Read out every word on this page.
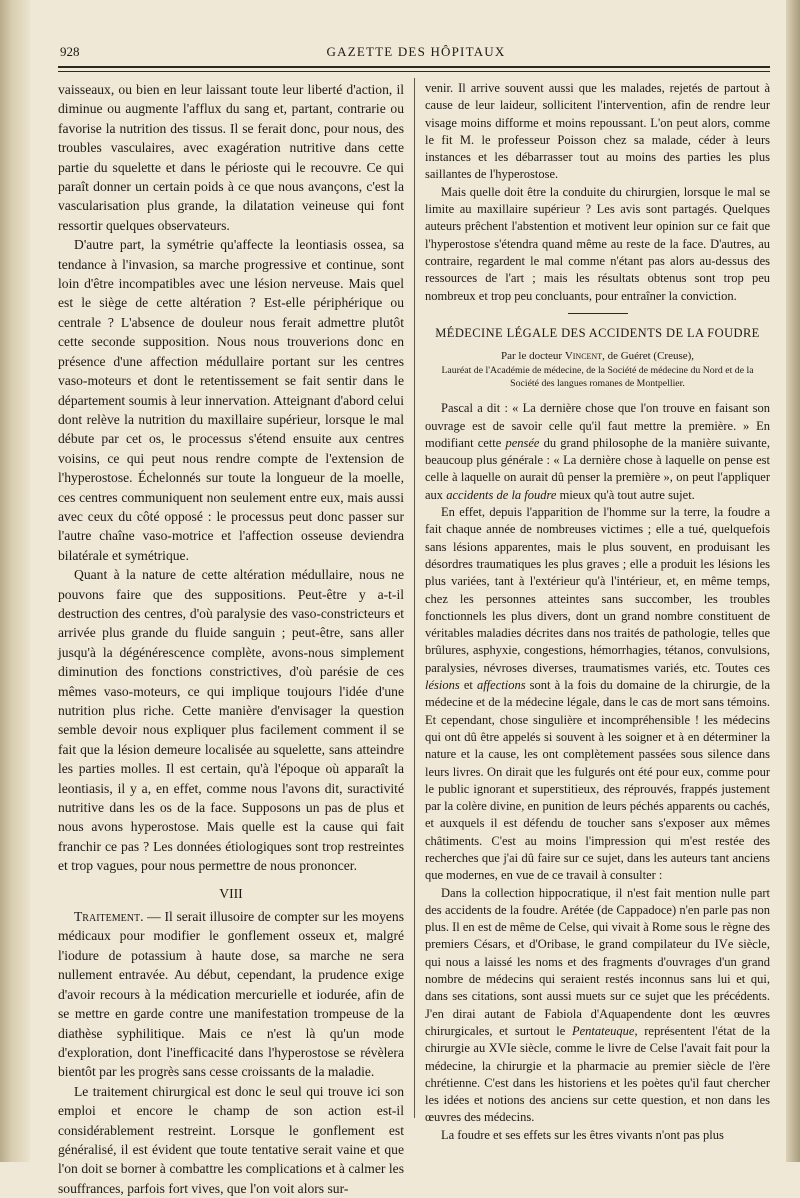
928	GAZETTE DES HÔPITAUX

vaisseaux, ou bien en leur laissant toute leur liberté d'action, il diminue ou augmente l'afflux du sang et, partant, contrarie ou favorise la nutrition des tissus. Il se ferait donc, pour nous, des troubles vasculaires, avec exagération nutritive dans cette partie du squelette et dans le périoste qui le recouvre. Ce qui paraît donner un certain poids à ce que nous avançons, c'est la vascularisation plus grande, la dilatation veineuse qui font ressortir quelques observateurs.

D'autre part, la symétrie qu'affecte la leontiasis ossea, sa tendance à l'invasion, sa marche progressive et continue, sont loin d'être incompatibles avec une lésion nerveuse. Mais quel est le siège de cette altération ? Est-elle périphérique ou centrale ? L'absence de douleur nous ferait admettre plutôt cette seconde supposition. Nous nous trouverions donc en présence d'une affection médullaire portant sur les centres vaso-moteurs et dont le retentissement se fait sentir dans le département soumis à leur innervation. Atteignant d'abord celui dont relève la nutrition du maxillaire supérieur, lorsque le mal débute par cet os, le processus s'étend ensuite aux centres voisins, ce qui peut nous rendre compte de l'extension de l'hyperostose. Échelonnés sur toute la longueur de la moelle, ces centres communiquent non seulement entre eux, mais aussi avec ceux du côté opposé : le processus peut donc passer sur l'autre chaîne vaso-motrice et l'affection osseuse deviendra bilatérale et symétrique.

Quant à la nature de cette altération médullaire, nous ne pouvons faire que des suppositions. Peut-être y a-t-il destruction des centres, d'où paralysie des vaso-constricteurs et arrivée plus grande du fluide sanguin ; peut-être, sans aller jusqu'à la dégénérescence complète, avons-nous simplement diminution des fonctions constrictives, d'où parésie de ces mêmes vaso-moteurs, ce qui implique toujours l'idée d'une nutrition plus riche. Cette manière d'envisager la question semble devoir nous expliquer plus facilement comment il se fait que la lésion demeure localisée au squelette, sans atteindre les parties molles. Il est certain, qu'à l'époque où apparaît la leontiasis, il y a, en effet, comme nous l'avons dit, suractivité nutritive dans les os de la face. Supposons un pas de plus et nous avons hyperostose. Mais quelle est la cause qui fait franchir ce pas ? Les données étiologiques sont trop restreintes et trop vagues, pour nous permettre de nous prononcer.

VIII

Traitement. — Il serait illusoire de compter sur les moyens médicaux pour modifier le gonflement osseux et, malgré l'iodure de potassium à haute dose, sa marche ne sera nullement entravée. Au début, cependant, la prudence exige d'avoir recours à la médication mercurielle et iodurée, afin de se mettre en garde contre une manifestation trompeuse de la diathèse syphilitique. Mais ce n'est là qu'un mode d'exploration, dont l'inefficacité dans l'hyperostose se révèlera bientôt par les progrès sans cesse croissants de la maladie.

Le traitement chirurgical est donc le seul qui trouve ici son emploi et encore le champ de son action est-il considérablement restreint. Lorsque le gonflement est généralisé, il est évident que toute tentative serait vaine et que l'on doit se borner à combattre les complications et à calmer les souffrances, parfois fort vives, que l'on voit alors sur-

venir. Il arrive souvent aussi que les malades, rejetés de partout à cause de leur laideur, sollicitent l'intervention, afin de rendre leur visage moins difforme et moins repoussant. L'on peut alors, comme le fit M. le professeur Poisson chez sa malade, céder à leurs instances et les débarrasser tout au moins des parties les plus saillantes de l'hyperostose.

Mais quelle doit être la conduite du chirurgien, lorsque le mal se limite au maxillaire supérieur ? Les avis sont partagés. Quelques auteurs prêchent l'abstention et motivent leur opinion sur ce fait que l'hyperostose s'étendra quand même au reste de la face. D'autres, au contraire, regardent le mal comme n'étant pas alors au-dessus des ressources de l'art ; mais les résultats obtenus sont trop peu nombreux et trop peu concluants, pour entraîner la conviction.

MÉDECINE LÉGALE DES ACCIDENTS DE LA FOUDRE
Par le docteur Vincent, de Guéret (Creuse),
Lauréat de l'Académie de médecine, de la Société de médecine du Nord et de la Société des langues romanes de Montpellier.

Pascal a dit : « La dernière chose que l'on trouve en faisant son ouvrage est de savoir celle qu'il faut mettre la première. » En modifiant cette pensée du grand philosophe de la manière suivante, beaucoup plus générale : « La dernière chose à laquelle on pense est celle à laquelle on aurait dû penser la première », on peut l'appliquer aux accidents de la foudre mieux qu'à tout autre sujet.

En effet, depuis l'apparition de l'homme sur la terre, la foudre a fait chaque année de nombreuses victimes ; elle a tué, quelquefois sans lésions apparentes, mais le plus souvent, en produisant les désordres traumatiques les plus graves ; elle a produit les lésions les plus variées, tant à l'extérieur qu'à l'intérieur, et, en même temps, chez les personnes atteintes sans succomber, les troubles fonctionnels les plus divers, dont un grand nombre constituent de véritables maladies décrites dans nos traités de pathologie, telles que brûlures, asphyxie, congestions, hémorrhagies, tétanos, convulsions, paralysies, névroses diverses, traumatismes variés, etc. Toutes ces lésions et affections sont à la fois du domaine de la chirurgie, de la médecine et de la médecine légale, dans le cas de mort sans témoins. Et cependant, chose singulière et incompréhensible ! les médecins qui ont dû être appelés si souvent à les soigner et à en déterminer la nature et la cause, les ont complètement passées sous silence dans leurs livres. On dirait que les fulgurés ont été pour eux, comme pour le public ignorant et superstitieux, des réprouvés, frappés justement par la colère divine, en punition de leurs péchés apparents ou cachés, et auxquels il est défendu de toucher sans s'exposer aux mêmes châtiments. C'est au moins l'impression qui m'est restée des recherches que j'ai dû faire sur ce sujet, dans les auteurs tant anciens que modernes, en vue de ce travail à consulter :

Dans la collection hippocratique, il n'est fait mention nulle part des accidents de la foudre. Arétée (de Cappadoce) n'en parle pas non plus. Il en est de même de Celse, qui vivait à Rome sous le règne des premiers Césars, et d'Oribase, le grand compilateur du IVe siècle, qui nous a laissé les noms et des fragments d'ouvrages d'un grand nombre de médecins qui seraient restés inconnus sans lui et qui, dans ses citations, sont aussi muets sur ce sujet que les précédents. J'en dirai autant de Fabiola d'Aquapendente dont les œuvres chirurgicales, et surtout le Pentateuque, représentent l'état de la chirurgie au XVIe siècle, comme le livre de Celse l'avait fait pour la médecine, la chirurgie et la pharmacie au premier siècle de l'ère chrétienne. C'est dans les historiens et les poètes qu'il faut chercher les idées et notions des anciens sur cette question, et non dans les œuvres des médecins.

La foudre et ses effets sur les êtres vivants n'ont pas plus
